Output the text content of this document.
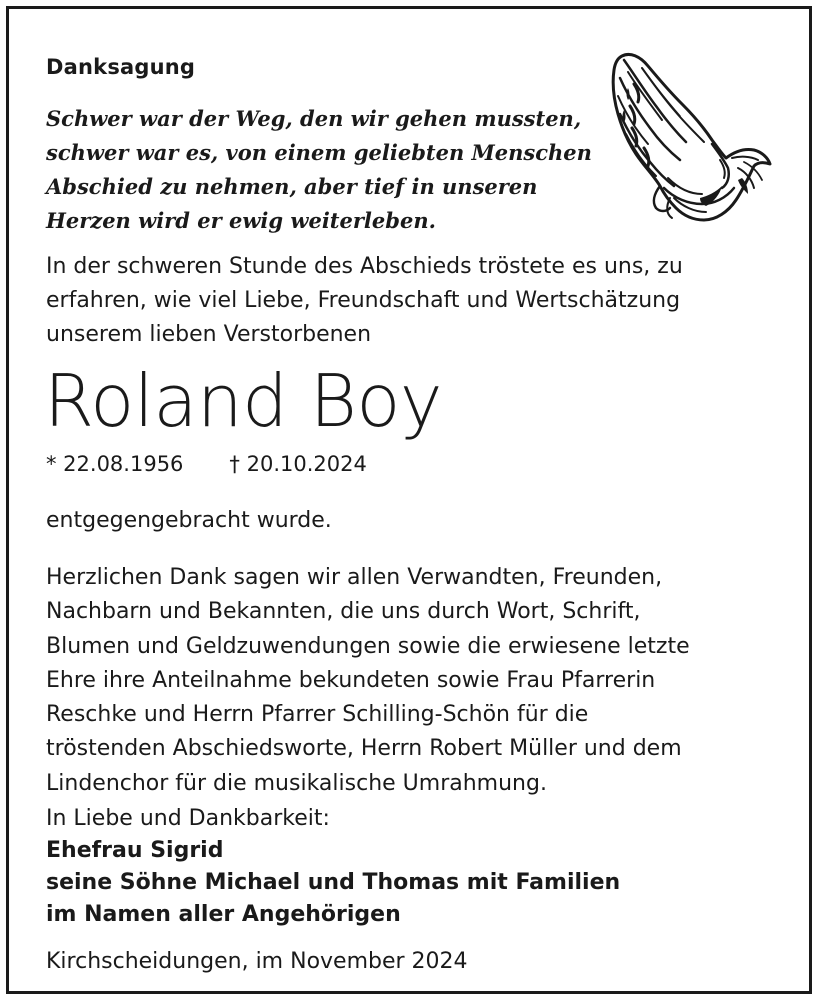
Danksagung
Schwer war der Weg, den wir gehen mussten,
schwer war es, von einem geliebten Menschen
Abschied zu nehmen, aber tief in unseren
Herzen wird er ewig weiterleben.
In der schweren Stunde des Abschieds tröstete es uns, zu
erfahren, wie viel Liebe, Freundschaft und Wertschätzung
unserem lieben Verstorbenen
Roland Boy
* 22.08.1956 † 20.10.2024
entgegengebracht wurde.
Herzlichen Dank sagen wir allen Verwandten, Freunden,
Nachbarn und Bekannten, die uns durch Wort, Schrift,
Blumen und Geldzuwendungen sowie die erwiesene letzte
Ehre ihre Anteilnahme bekundeten sowie Frau Pfarrerin
Reschke und Herrn Pfarrer Schilling-Schön für die
tröstenden Abschiedsworte, Herrn Robert Müller und dem
Lindenchor für die musikalische Umrahmung.
In Liebe und Dankbarkeit:
Ehefrau Sigrid
seine Söhne Michael und Thomas mit Familien
im Namen aller Angehörigen
Kirchscheidungen, im November 2024
